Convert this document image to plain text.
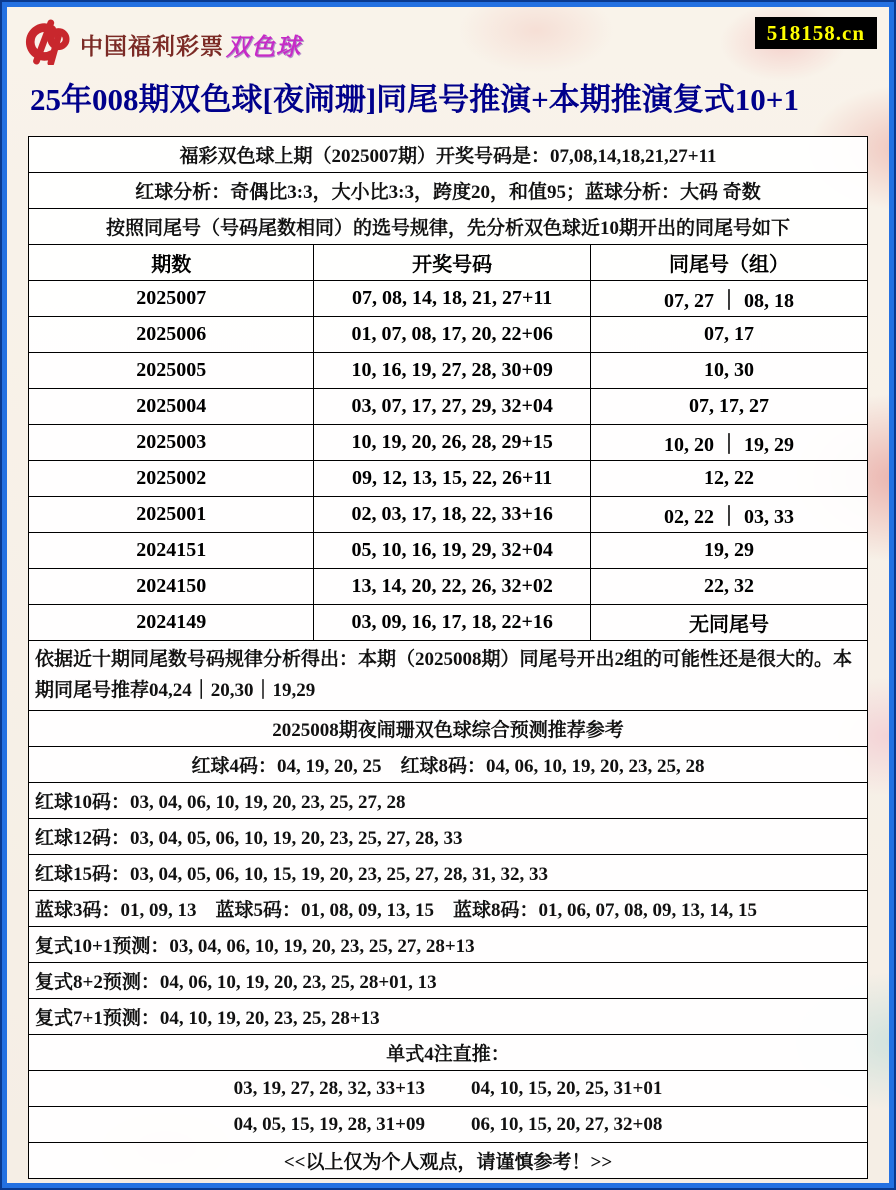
中国福利彩票 双色球
518158.cn
25年008期双色球[夜闹珊]同尾号推演+本期推演复式10+1
福彩双色球上期（2025007期）开奖号码是：07,08,14,18,21,27+11
红球分析：奇偶比3:3，大小比3:3，跨度20，和值95；蓝球分析：大码 奇数
按照同尾号（号码尾数相同）的选号规律，先分析双色球近10期开出的同尾号如下
期数	开奖号码	同尾号（组）
2025007	07, 08, 14, 18, 21, 27+11	07, 27 ｜ 08, 18
2025006	01, 07, 08, 17, 20, 22+06	07, 17
2025005	10, 16, 19, 27, 28, 30+09	10, 30
2025004	03, 07, 17, 27, 29, 32+04	07, 17, 27
2025003	10, 19, 20, 26, 28, 29+15	10, 20 ｜ 19, 29
2025002	09, 12, 13, 15, 22, 26+11	12, 22
2025001	02, 03, 17, 18, 22, 33+16	02, 22 ｜ 03, 33
2024151	05, 10, 16, 19, 29, 32+04	19, 29
2024150	13, 14, 20, 22, 26, 32+02	22, 32
2024149	03, 09, 16, 17, 18, 22+16	无同尾号
依据近十期同尾数号码规律分析得出：本期（2025008期）同尾号开出2组的可能性还是很大的。本期同尾号推荐04,24｜20,30｜19,29
2025008期夜闹珊双色球综合预测推荐参考
红球4码：04, 19, 20, 25　红球8码：04, 06, 10, 19, 20, 23, 25, 28
红球10码：03, 04, 06, 10, 19, 20, 23, 25, 27, 28
红球12码：03, 04, 05, 06, 10, 19, 20, 23, 25, 27, 28, 33
红球15码：03, 04, 05, 06, 10, 15, 19, 20, 23, 25, 27, 28, 31, 32, 33
蓝球3码：01, 09, 13　蓝球5码：01, 08, 09, 13, 15　蓝球8码：01, 06, 07, 08, 09, 13, 14, 15
复式10+1预测：03, 04, 06, 10, 19, 20, 23, 25, 27, 28+13
复式8+2预测：04, 06, 10, 19, 20, 23, 25, 28+01, 13
复式7+1预测：04, 10, 19, 20, 23, 25, 28+13
单式4注直推：
03, 19, 27, 28, 32, 33+13 04, 10, 15, 20, 25, 31+01
04, 05, 15, 19, 28, 31+09 06, 10, 15, 20, 27, 32+08
<<以上仅为个人观点，请谨慎参考！>>
